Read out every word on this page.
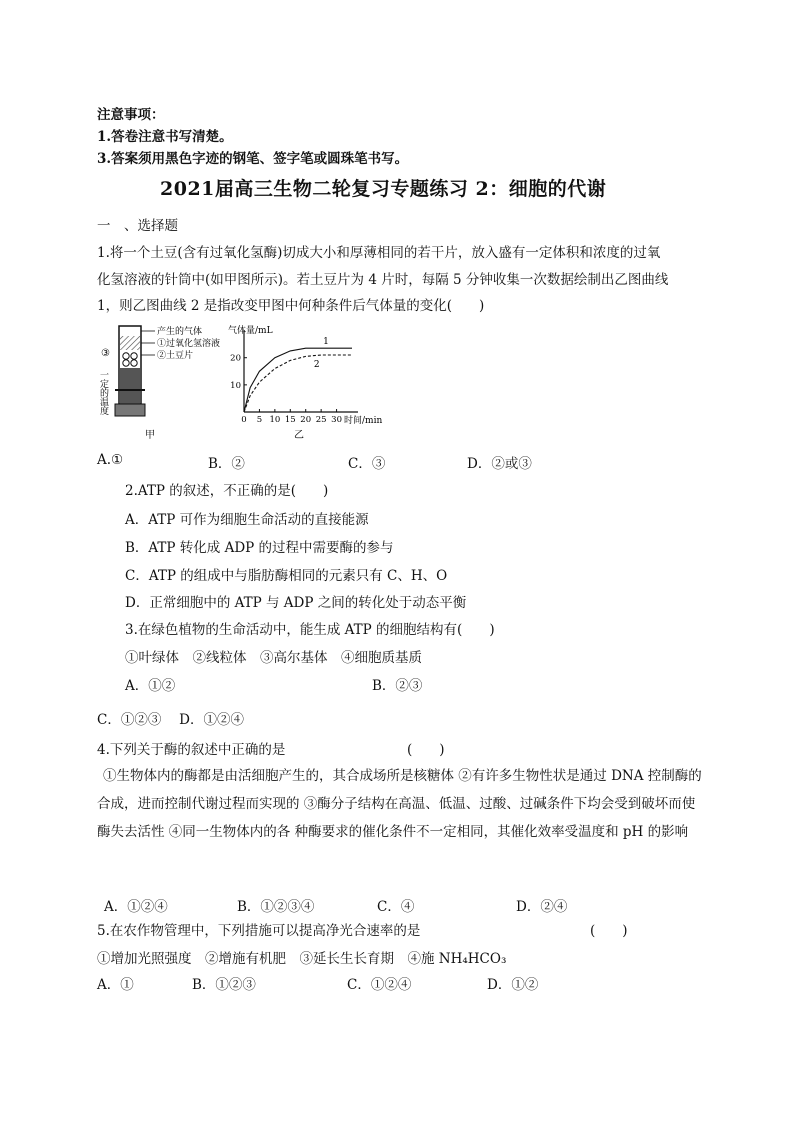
注意事项：
1.答卷注意书写清楚。
3.答案须用黑色字迹的钢笔、签字笔或圆珠笔书写。
2021届高三生物二轮复习专题练习 2：细胞的代谢
一　、选择题
1.将一个土豆(含有过氧化氢酶)切成大小和厚薄相同的若干片，放入盛有一定体积和浓度的过氧
化氢溶液的针筒中(如甲图所示)。若土豆片为 4 片时，每隔 5 分钟收集一次数据绘制出乙图曲线
1，则乙图曲线 2 是指改变甲图中何种条件后气体量的变化(　　)
产生的气体
①过氧化氢溶液
②土豆片
③
一定的温度
甲
气体量/mL
时间/min
乙
0 5 10 15 20 25 30
10
20
1
2
A.①	B．②	C．③	D．②或③
2.ATP 的叙述，不正确的是(　　)
A．ATP 可作为细胞生命活动的直接能源
B．ATP 转化成 ADP 的过程中需要酶的参与
C．ATP 的组成中与脂肪酶相同的元素只有 C、H、O
D．正常细胞中的 ATP 与 ADP 之间的转化处于动态平衡
3.在绿色植物的生命活动中，能生成 ATP 的细胞结构有(　　)
①叶绿体　②线粒体　③高尔基体　④细胞质基质
A．①②	B．②③
C．①②③　 D．①②④
4.下列关于酶的叙述中正确的是	(　　)
①生物体内的酶都是由活细胞产生的，其合成场所是核糖体 ②有许多生物性状是通过 DNA 控制酶的合成，进而控制代谢过程而实现的 ③酶分子结构在高温、低温、过酸、过碱条件下均会受到破坏而使酶失去活性 ④同一生物体内的各 种酶要求的催化条件不一定相同，其催化效率受温度和 pH 的影响
A．①②④	B．①②③④	C．④	D．②④
5.在农作物管理中，下列措施可以提高净光合速率的是	(　　)
①增加光照强度　②增施有机肥　③延长生长育期　④施 NH₄HCO₃
A．①	B．①②③	C．①②④	D．①②
